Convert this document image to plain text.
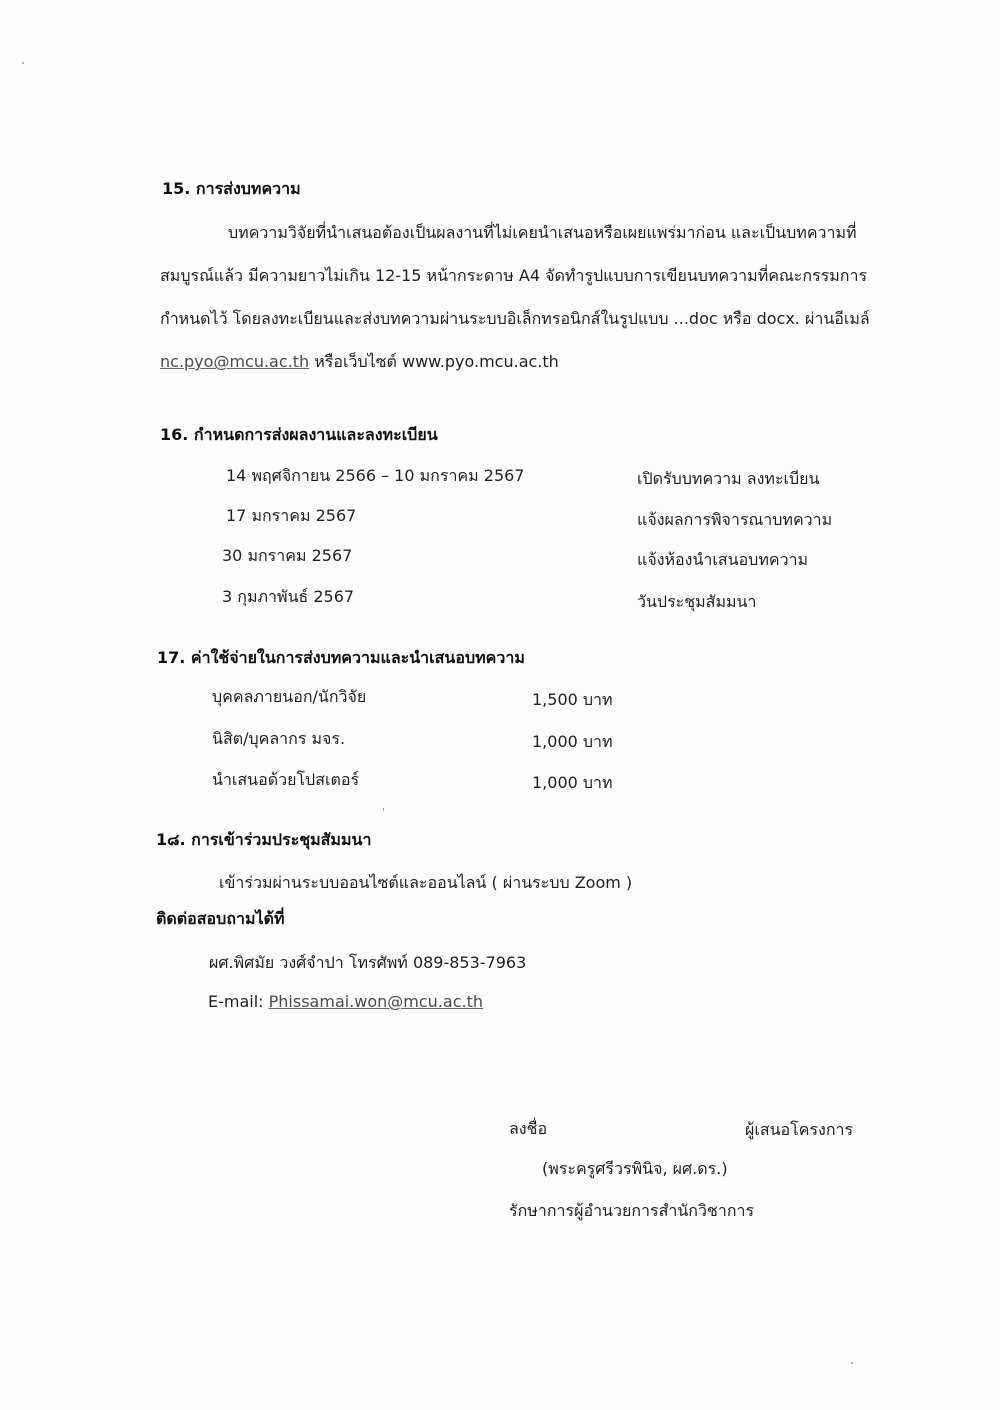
15. การส่งบทความ
บทความวิจัยที่นำเสนอต้องเป็นผลงานที่ไม่เคยนำเสนอหรือเผยแพร่มาก่อน และเป็นบทความที่
สมบูรณ์แล้ว มีความยาวไม่เกิน 12-15 หน้ากระดาษ A4 จัดทำรูปแบบการเขียนบทความที่คณะกรรมการ
กำหนดไว้ โดยลงทะเบียนและส่งบทความผ่านระบบอิเล็กทรอนิกส์ในรูปแบบ ...doc หรือ docx. ผ่านอีเมล์
nc.pyo@mcu.ac.th หรือเว็บไซต์ www.pyo.mcu.ac.th
16. กำหนดการส่งผลงานและลงทะเบียน
14 พฤศจิกายน 2566 – 10 มกราคม 2567	เปิดรับบทความ ลงทะเบียน
17 มกราคม 2567	แจ้งผลการพิจารณาบทความ
30 มกราคม 2567	แจ้งห้องนำเสนอบทความ
3 กุมภาพันธ์ 2567	วันประชุมสัมมนา
17. ค่าใช้จ่ายในการส่งบทความและนำเสนอบทความ
บุคคลภายนอก/นักวิจัย	1,500 บาท
นิสิต/บุคลากร มจร.	1,000 บาท
นำเสนอด้วยโปสเตอร์	1,000 บาท
1๘. การเข้าร่วมประชุมสัมมนา
เข้าร่วมผ่านระบบออนไซต์และออนไลน์ ( ผ่านระบบ Zoom )
ติดต่อสอบถามได้ที่
ผศ.พิศมัย วงศ์จำปา โทรศัพท์ 089-853-7963
E-mail: Phissamai.won@mcu.ac.th
ลงชื่อ	ผู้เสนอโครงการ
(พระครูศรีวรพินิจ, ผศ.ดร.)
รักษาการผู้อำนวยการสำนักวิชาการ
